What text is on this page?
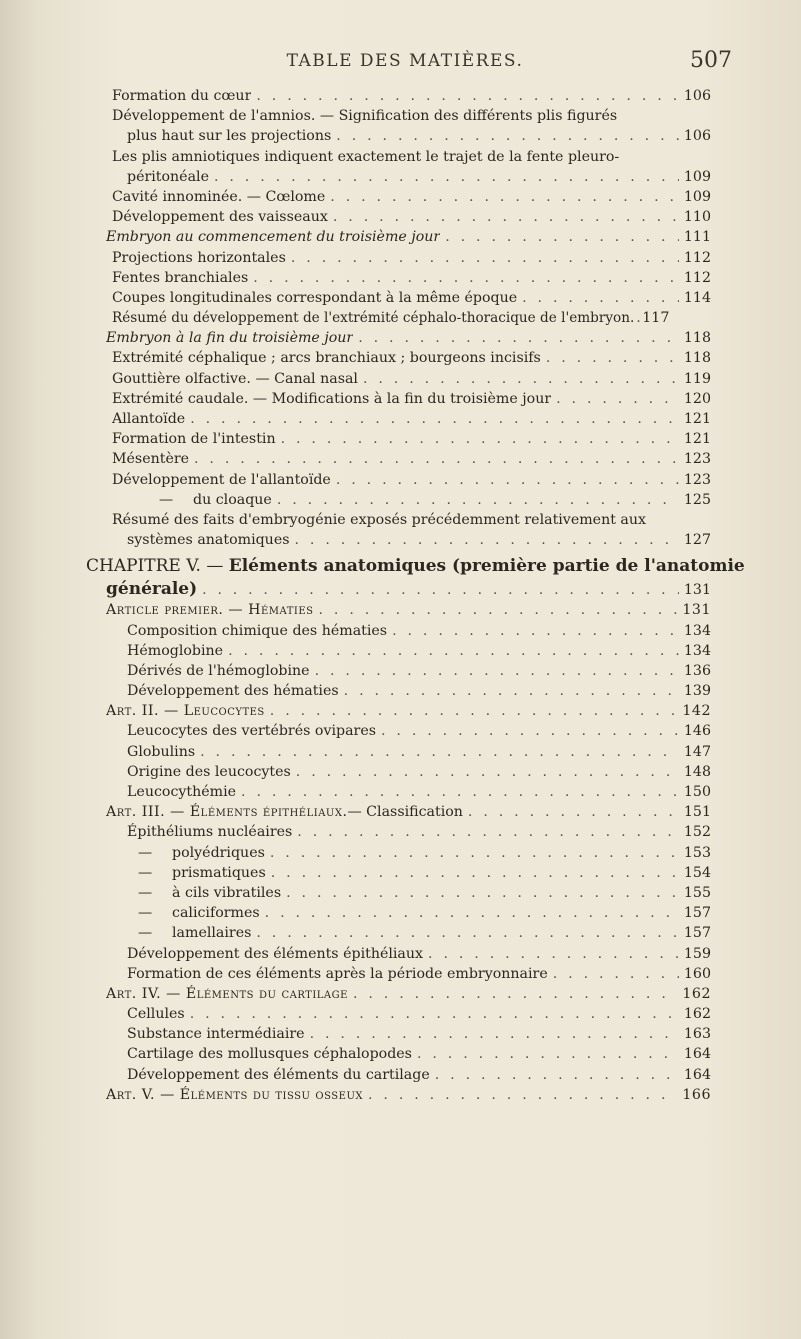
TABLE DES MATIÈRES.	507
Formation du cœur . . .	106
Développement de l'amnios. — Signification des différents plis figurés
plus haut sur les projections . . .	106
Les plis amniotiques indiquent exactement le trajet de la fente pleuro-
péritonéale . . .	109
Cavité innominée. — Cœlome . . .	109
Développement des vaisseaux . . .	110
Embryon au commencement du troisième jour . . .	111
Projections horizontales . . .	112
Fentes branchiales . . .	112
Coupes longitudinales correspondant à la même époque . . .	114
Résumé du développement de l'extrémité céphalo-thoracique de l'embryon. . . . 117
Embryon à la fin du troisième jour . . .	118
Extrémité céphalique ; arcs branchiaux ; bourgeons incisifs . . .	118
Gouttière olfactive. — Canal nasal . . .	119
Extrémité caudale. — Modifications à la fin du troisième jour . . .	120
Allantoïde . . .	121
Formation de l'intestin . . .	121
Mésentère . . .	123
Développement de l'allantoïde . . .	123
—	du cloaque . . .	125
Résumé des faits d'embryogénie exposés précédemment relativement aux
systèmes anatomiques . . .	127
CHAPITRE V. — Eléments anatomiques (première partie de l'anatomie
générale) . . .	131
Article premier. — Hématies . . .	131
Composition chimique des hématies . . .	134
Hémoglobine . . .	134
Dérivés de l'hémoglobine . . .	136
Développement des hématies . . .	139
Art. II. — Leucocytes . . .	142
Leucocytes des vertébrés ovipares . . .	146
Globulins . . .	147
Origine des leucocytes . . .	148
Leucocythémie . . .	150
Art. III. — Éléments épithéliaux. — Classification . . .	151
Épithéliums nucléaires . . .	152
—	polyédriques . . .	153
—	prismatiques . . .	154
—	à cils vibratiles . . .	155
—	caliciformes . . .	157
—	lamellaires . . .	157
Développement des éléments épithéliaux . . .	159
Formation de ces éléments après la période embryonnaire . . .	160
Art. IV. — Éléments du cartilage . . .	162
Cellules . . .	162
Substance intermédiaire . . .	163
Cartilage des mollusques céphalopodes . . .	164
Développement des éléments du cartilage . . .	164
Art. V. — Éléments du tissu osseux . . .	166
